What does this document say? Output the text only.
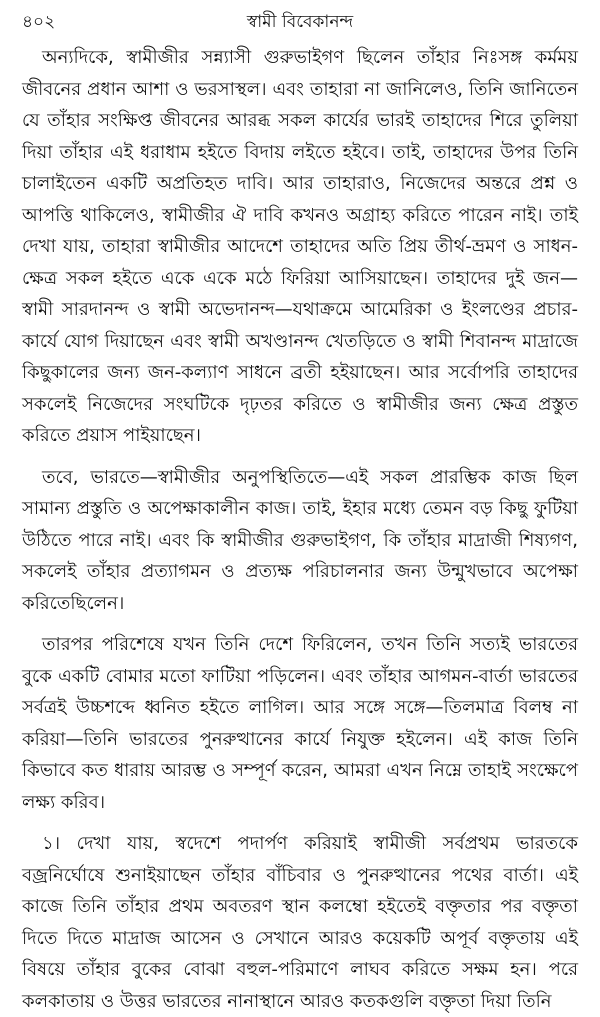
৪০২	স্বামী বিবেকানন্দ

অন্যদিকে, স্বামীজীর সন্ন্যাসী গুরুভাইগণ ছিলেন তাঁহার নিঃসঙ্গ কর্মময় জীবনের প্রধান আশা ও ভরসাস্থল। এবং তাহারা না জানিলেও, তিনি জানিতেন যে তাঁহার সংক্ষিপ্ত জীবনের আরব্ধ সকল কার্যের ভারই তাহাদের শিরে তুলিয়া দিয়া তাঁহার এই ধরাধাম হইতে বিদায় লইতে হইবে। তাই, তাহাদের উপর তিনি চালাইতেন একটি অপ্রতিহত দাবি। আর তাহারাও, নিজেদের অন্তরে প্রশ্ন ও আপত্তি থাকিলেও, স্বামীজীর ঐ দাবি কখনও অগ্রাহ্য করিতে পারেন নাই। তাই দেখা যায়, তাহারা স্বামীজীর আদেশে তাহাদের অতি প্রিয় তীর্থ-ভ্রমণ ও সাধন-ক্ষেত্র সকল হইতে একে একে মঠে ফিরিয়া আসিয়াছেন। তাহাদের দুই জন—স্বামী সারদানন্দ ও স্বামী অভেদানন্দ—যথাক্রমে আমেরিকা ও ইংলণ্ডের প্রচার-কার্যে যোগ দিয়াছেন এবং স্বামী অখণ্ডানন্দ খেতড়িতে ও স্বামী শিবানন্দ মাদ্রাজে কিছুকালের জন্য জন-কল্যাণ সাধনে ব্রতী হইয়াছেন। আর সর্বোপরি তাহাদের সকলেই নিজেদের সংঘটিকে দৃঢ়তর করিতে ও স্বামীজীর জন্য ক্ষেত্র প্রস্তুত করিতে প্রয়াস পাইয়াছেন।

তবে, ভারতে—স্বামীজীর অনুপস্থিতিতে—এই সকল প্রারম্ভিক কাজ ছিল সামান্য প্রস্তুতি ও অপেক্ষাকালীন কাজ। তাই, ইহার মধ্যে তেমন বড় কিছু ফুটিয়া উঠিতে পারে নাই। এবং কি স্বামীজীর গুরুভাইগণ, কি তাঁহার মাদ্রাজী শিষ্যগণ, সকলেই তাঁহার প্রত্যাগমন ও প্রত্যক্ষ পরিচালনার জন্য উন্মুখভাবে অপেক্ষা করিতেছিলেন।

তারপর পরিশেষে যখন তিনি দেশে ফিরিলেন, তখন তিনি সত্যই ভারতের বুকে একটি বোমার মতো ফাটিয়া পড়িলেন। এবং তাঁহার আগমন-বার্তা ভারতের সর্বত্রই উচ্চশব্দে ধ্বনিত হইতে লাগিল। আর সঙ্গে সঙ্গে—তিলমাত্র বিলম্ব না করিয়া—তিনি ভারতের পুনরুত্থানের কার্যে নিযুক্ত হইলেন। এই কাজ তিনি কিভাবে কত ধারায় আরম্ভ ও সম্পূর্ণ করেন, আমরা এখন নিম্নে তাহাই সংক্ষেপে লক্ষ্য করিব।

১। দেখা যায়, স্বদেশে পদার্পণ করিয়াই স্বামীজী সর্বপ্রথম ভারতকে বজ্রনির্ঘোষে শুনাইয়াছেন তাঁহার বাঁচিবার ও পুনরুত্থানের পথের বার্তা। এই কাজে তিনি তাঁহার প্রথম অবতরণ স্থান কলম্বো হইতেই বক্তৃতার পর বক্তৃতা দিতে দিতে মাদ্রাজ আসেন ও সেখানে আরও কয়েকটি অপূর্ব বক্তৃতায় এই বিষয়ে তাঁহার বুকের বোঝা বহুল-পরিমাণে লাঘব করিতে সক্ষম হন। পরে কলকাতায় ও উত্তর ভারতের নানাস্থানে আরও কতকগুলি বক্তৃতা দিয়া তিনি
